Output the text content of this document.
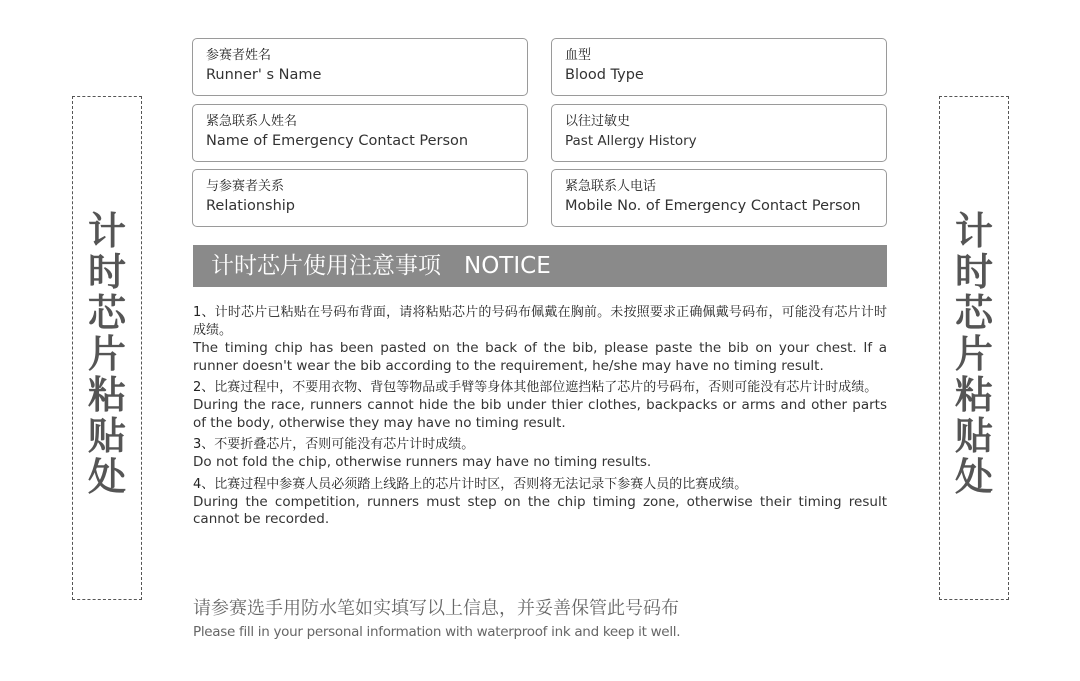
计
时
芯
片
粘
贴
处
计
时
芯
片
粘
贴
处
参赛者姓名
Runner' s Name
血型
Blood Type
紧急联系人姓名
Name of Emergency Contact Person
以往过敏史
Past Allergy History
与参赛者关系
Relationship
紧急联系人电话
Mobile No. of Emergency Contact Person
计时芯片使用注意事项　NOTICE
1、计时芯片已粘贴在号码布背面，请将粘贴芯片的号码布佩戴在胸前。未按照要求正确佩戴号码布，可能没有芯片计时成绩。
The timing chip has been pasted on the back of the bib, please paste the bib on your chest. If a runner doesn't wear the bib according to the requirement, he/she may have no timing result.
2、比赛过程中，不要用衣物、背包等物品或手臂等身体其他部位遮挡粘了芯片的号码布，否则可能没有芯片计时成绩。
During the race, runners cannot hide the bib under thier clothes, backpacks or arms and other parts of the body, otherwise they may have no timing result.
3、不要折叠芯片，否则可能没有芯片计时成绩。
Do not fold the chip, otherwise runners may have no timing results.
4、比赛过程中参赛人员必须踏上线路上的芯片计时区，否则将无法记录下参赛人员的比赛成绩。
During the competition, runners must step on the chip timing zone, otherwise their timing result cannot be recorded.
请参赛选手用防水笔如实填写以上信息，并妥善保管此号码布
Please fill in your personal information with waterproof ink and keep it well.
